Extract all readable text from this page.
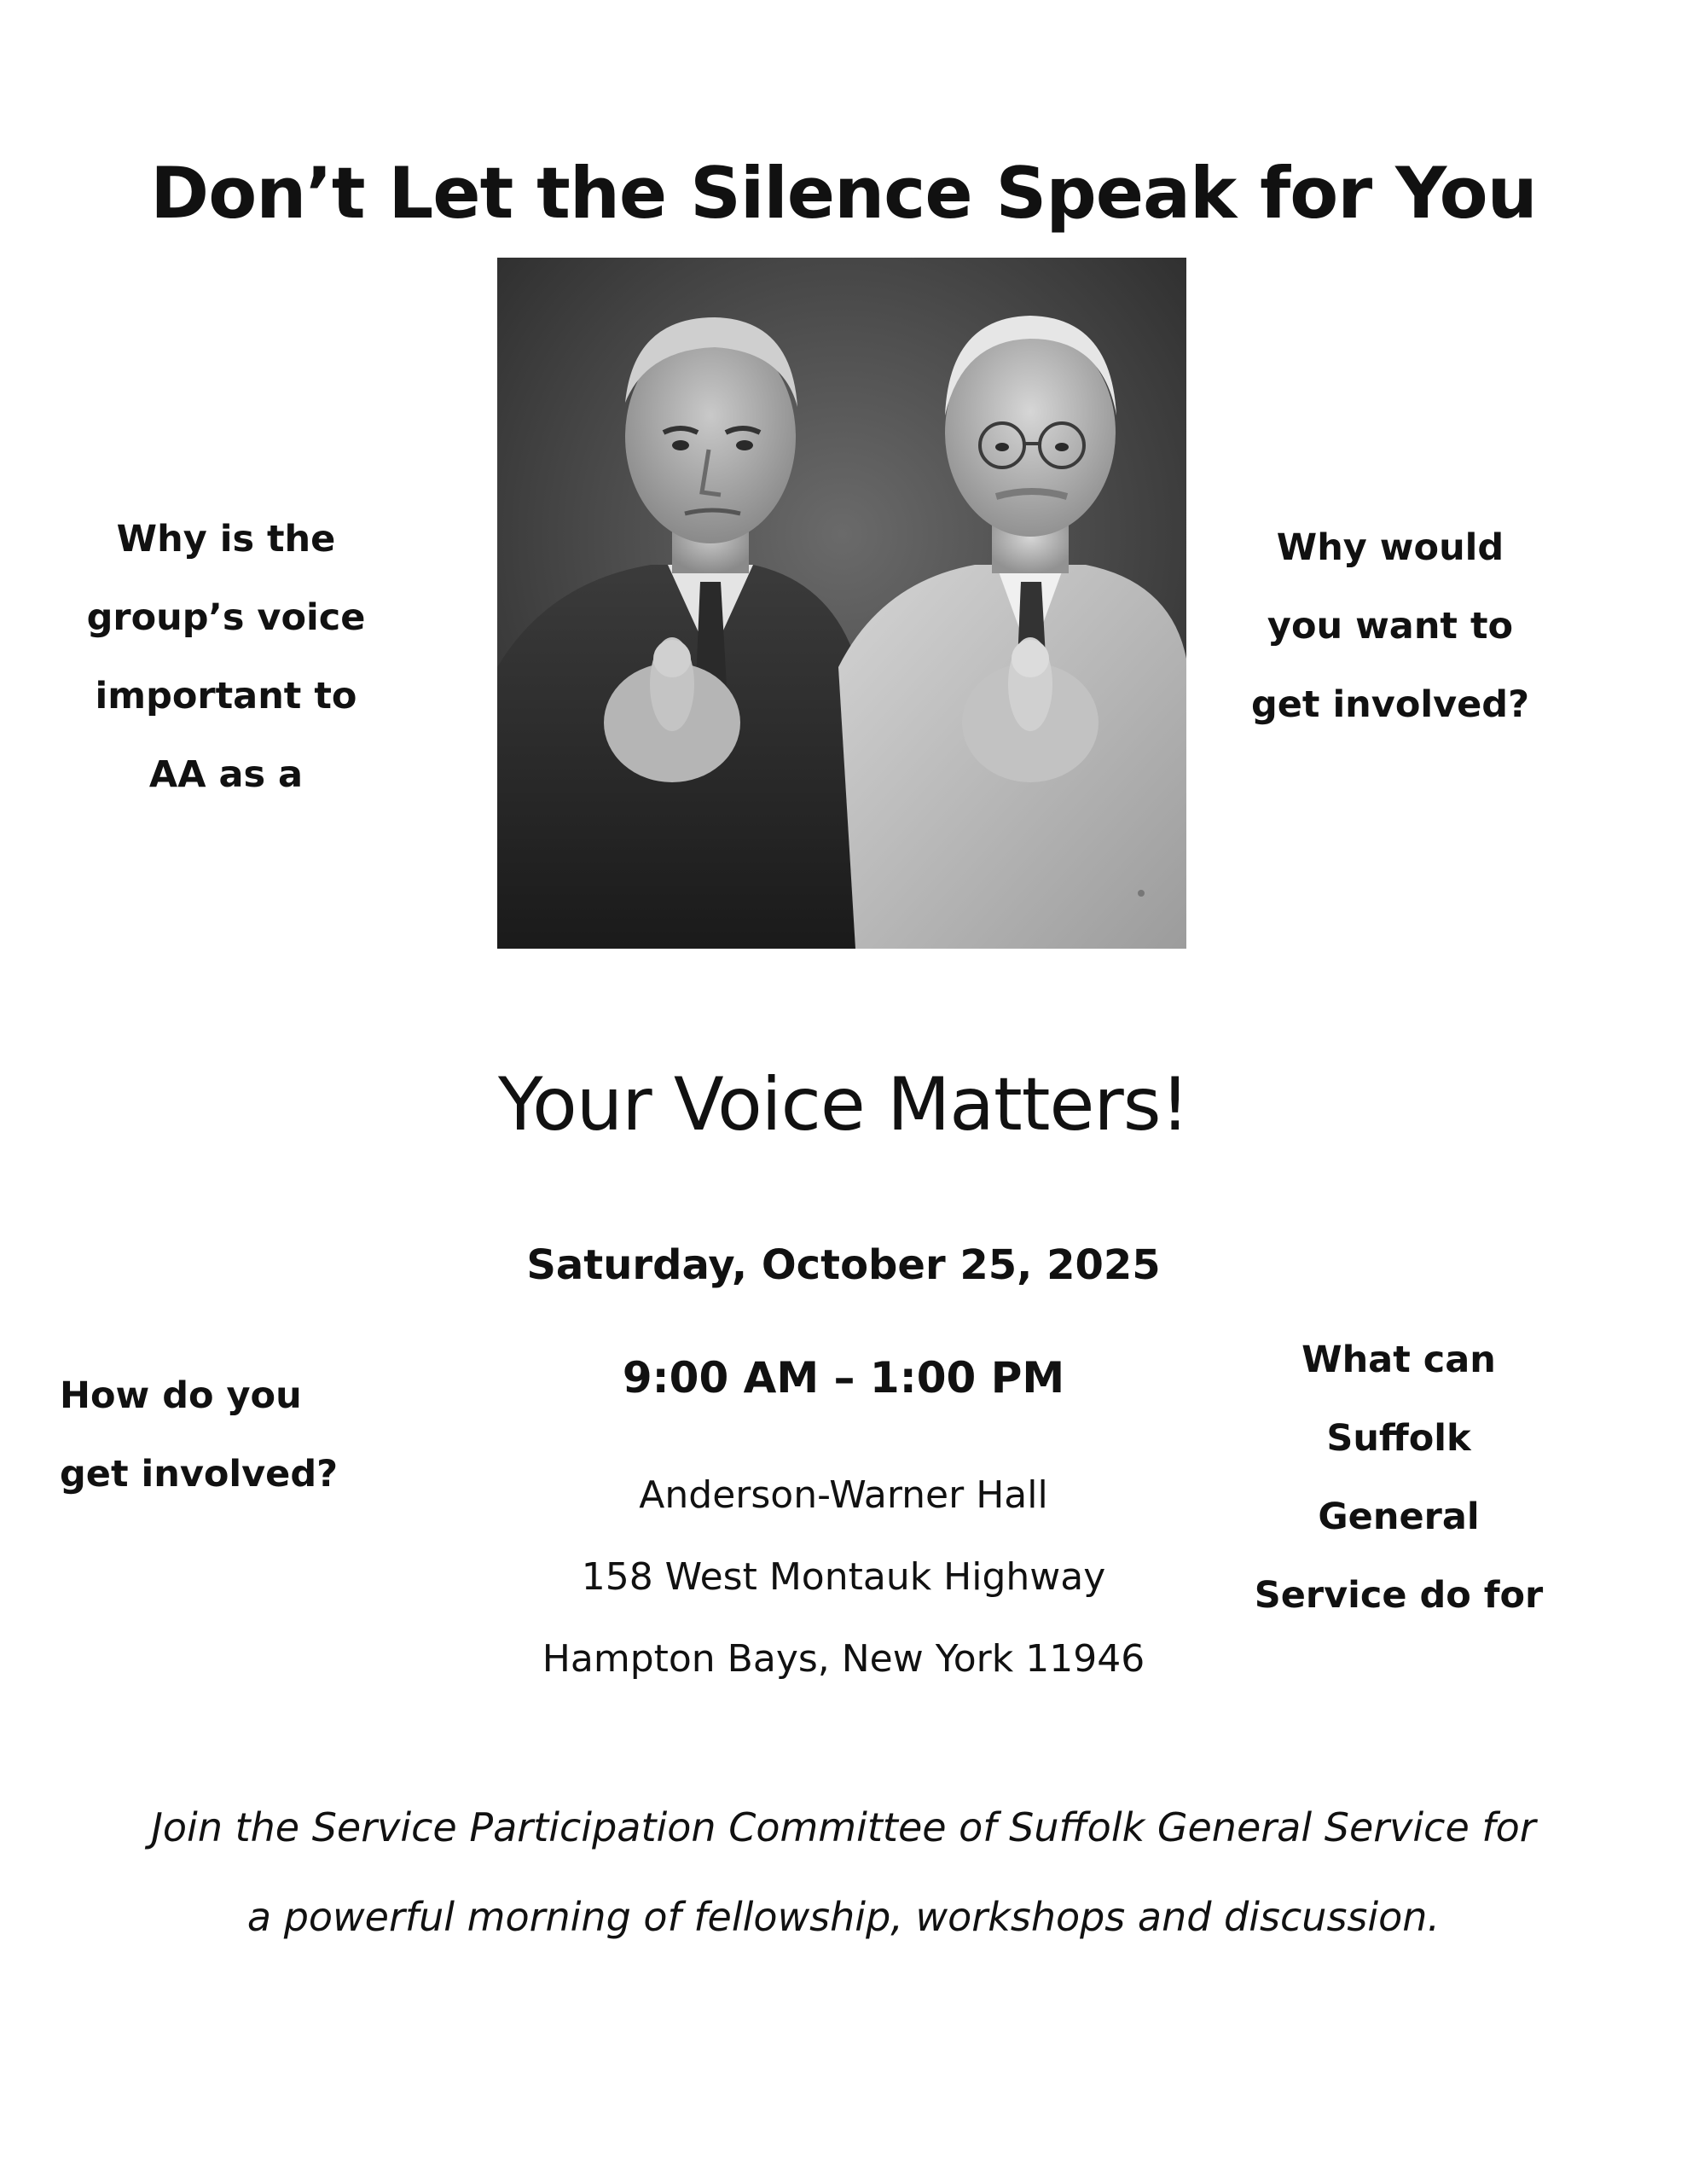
Don’t Let the Silence Speak for You
Why is the
group’s voice
important to
AA as a
Why would
you want to
get involved?
Your Voice Matters!

Saturday, October 25, 2025

9:00 AM – 1:00 PM

How do you
get involved?
What can
Suffolk
General
Service do for

Anderson-Warner Hall
158 West Montauk Highway
Hampton Bays, New York 11946

Join the Service Participation Committee of Suffolk General Service for
a powerful morning of fellowship, workshops and discussion.
